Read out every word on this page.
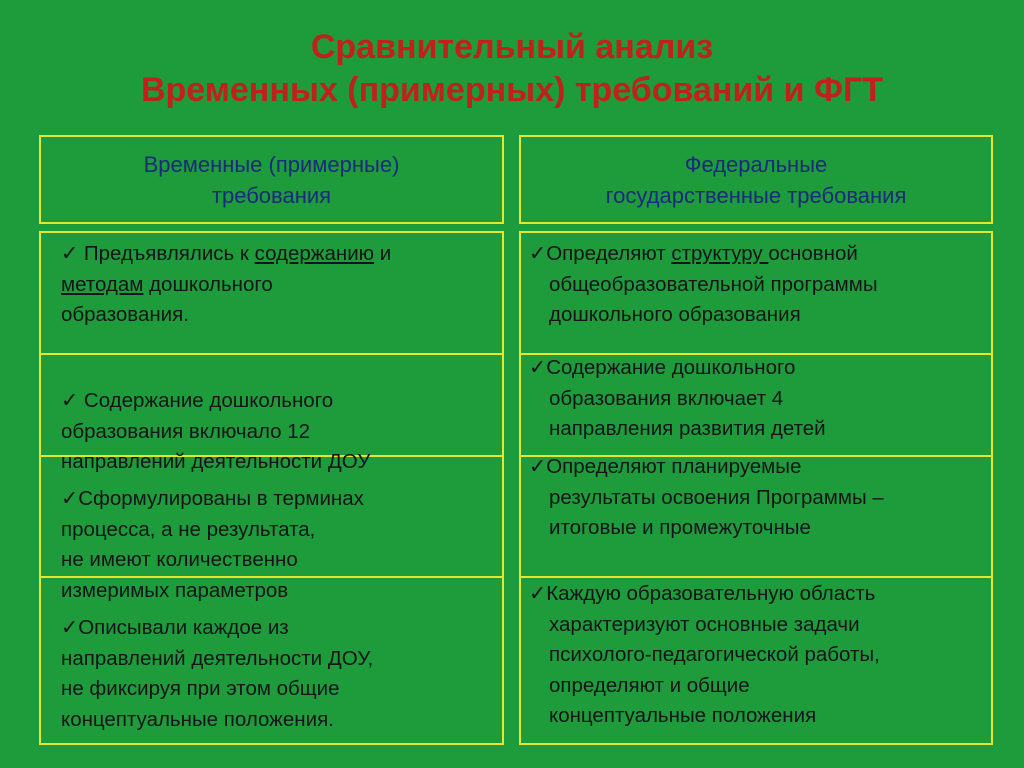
Сравнительный анализ
Временных (примерных) требований и ФГТ
Временные (примерные)
требования
Федеральные
государственные требования
✓ Предъявлялись к содержанию и
методам дошкольного
образования.
✓ Содержание дошкольного
образования включало 12
направлений деятельности ДОУ
✓Сформулированы в терминах
процесса, а не результата,
не имеют количественно
измеримых параметров
✓Описывали каждое из
направлений деятельности ДОУ,
не фиксируя при этом общие
концептуальные положения.
✓Определяют структуру основной
общеобразовательной программы
дошкольного образования
✓Содержание дошкольного
образования включает 4
направления развития детей
✓Определяют планируемые
результаты освоения Программы –
итоговые и промежуточные
✓Каждую образовательную область
характеризуют основные задачи
психолого-педагогической работы,
определяют и общие
концептуальные положения
